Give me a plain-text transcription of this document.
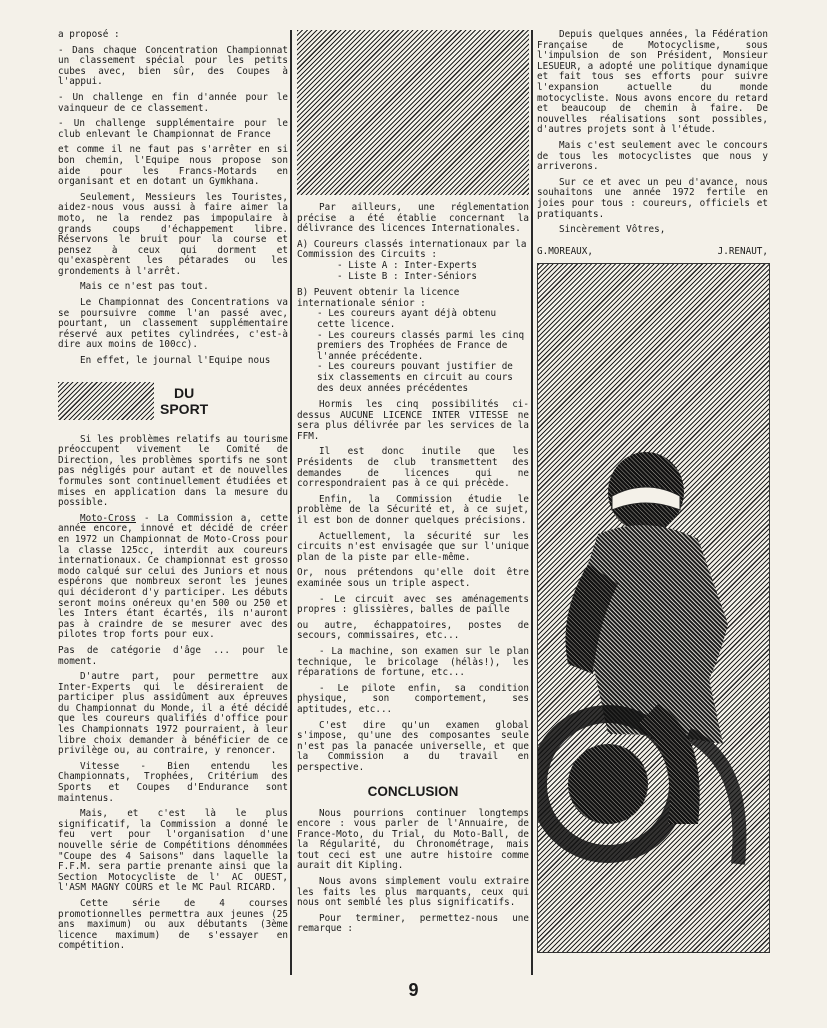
a proposé :

- Dans chaque Concentration Championnat un classement spécial pour les petits cubes avec, bien sûr, des Coupes à l'appui.

- Un challenge en fin d'année pour le vainqueur de ce classement.

- Un challenge supplémentaire pour le club enlevant le Championnat de France

et comme il ne faut pas s'arrêter en si bon chemin, l'Equipe nous propose son aide pour les Francs-Motards en organisant et en dotant un Gymkhana.

Seulement, Messieurs les Touristes, aidez-nous vous aussi à faire aimer la moto, ne la rendez pas impopulaire à grands coups d'échappement libre. Réservons le bruit pour la course et pensez à ceux qui dorment et qu'exaspèrent les pétarades ou les grondements à l'arrêt.

Mais ce n'est pas tout.

Le Championnat des Concentrations va se poursuivre comme l'an passé avec, pourtant, un classement supplémentaire réservé aux petites cylindrées, c'est-à dire aux moins de 100cc).

En effet, le journal l'Equipe nous

DU
SPORT

Si les problèmes relatifs au tourisme préoccupent vivement le Comité de Direction, les problèmes sportifs ne sont pas négligés pour autant et de nouvelles formules sont continuellement étudiées et mises en application dans la mesure du possible.

Moto-Cross - La Commission a, cette année encore, innové et décidé de créer en 1972 un Championnat de Moto-Cross pour la classe 125cc, interdit aux coureurs internationaux. Ce championnat est grosso modo calqué sur celui des Juniors et nous espérons que nombreux seront les jeunes qui décideront d'y participer. Les débuts seront moins onéreux qu'en 500 ou 250 et les Inters étant écartés, ils n'auront pas à craindre de se mesurer avec des pilotes trop forts pour eux.

Pas de catégorie d'âge ... pour le moment.

D'autre part, pour permettre aux Inter-Experts qui le désireraient de participer plus assidûment aux épreuves du Championnat du Monde, il a été décidé que les coureurs qualifiés d'office pour les Championnats 1972 pourraient, à leur libre choix demander à bénéficier de ce privilège ou, au contraire, y renoncer.

Vitesse - Bien entendu les Championnats, Trophées, Critérium des Sports et Coupes d'Endurance sont maintenus.

Mais, et c'est là le plus significatif, la Commission a donné le feu vert pour l'organisation d'une nouvelle série de Compétitions dénommées "Coupe des 4 Saisons" dans laquelle la F.F.M. sera partie prenante ainsi que la Section Motocycliste de l' AC OUEST, l'ASM MAGNY COURS et le MC Paul RICARD.

Cette série de 4 courses promotionnelles permettra aux jeunes (25 ans maximum) ou aux débutants (3ème licence maximum) de s'essayer en compétition.

Par ailleurs, une réglementation précise a été établie concernant la délivrance des licences Internationales.

A) Coureurs classés internationaux par la Commission des Circuits :
- Liste A : Inter-Experts
- Liste B : Inter-Séniors
B) Peuvent obtenir la licence internationale sénior :
- Les coureurs ayant déjà obtenu cette licence.
- Les coureurs classés parmi les cinq premiers des Trophées de France de l'année précédente.
- Les coureurs pouvant justifier de six classements en circuit au cours des deux années précédentes

Hormis les cinq possibilités ci-dessus AUCUNE LICENCE INTER VITESSE ne sera plus délivrée par les services de la FFM.

Il est donc inutile que les Présidents de club transmettent des demandes de licences qui ne correspondraient pas à ce qui précède.

Enfin, la Commission étudie le problème de la Sécurité et, à ce sujet, il est bon de donner quelques précisions.

Actuellement, la sécurité sur les circuits n'est envisagée que sur l'unique plan de la piste par elle-même.

Or, nous prétendons qu'elle doit être examinée sous un triple aspect.

- Le circuit avec ses aménagements propres : glissières, balles de paille

ou autre, échappatoires, postes de secours, commissaires, etc...

- La machine, son examen sur le plan technique, le bricolage (hélàs!), les réparations de fortune, etc...

- Le pilote enfin, sa condition physique, son comportement, ses aptitudes, etc...

C'est dire qu'un examen global s'impose, qu'une des composantes seule n'est pas la panacée universelle, et que la Commission a du travail en perspective.

CONCLUSION

Nous pourrions continuer longtemps encore : vous parler de l'Annuaire, de France-Moto, du Trial, du Moto-Ball, de la Régularité, du Chronométrage, mais tout ceci est une autre histoire comme aurait dit Kipling.

Nous avons simplement voulu extraire les faits les plus marquants, ceux qui nous ont semblé les plus significatifs.

Pour terminer, permettez-nous une remarque :

Depuis quelques années, la Fédération Française de Motocyclisme, sous l'impulsion de son Président, Monsieur LESUEUR, a adopté une politique dynamique et fait tous ses efforts pour suivre l'expansion actuelle du monde motocycliste. Nous avons encore du retard et beaucoup de chemin à faire. De nouvelles réalisations sont possibles, d'autres projets sont à l'étude.

Mais c'est seulement avec le concours de tous les motocyclistes que nous y arriverons.

Sur ce et avec un peu d'avance, nous souhaitons une année 1972 fertile en joies pour tous : coureurs, officiels et pratiquants.

Sincèrement Vôtres,

G.MOREAUX,	J.RENAUT,
9
